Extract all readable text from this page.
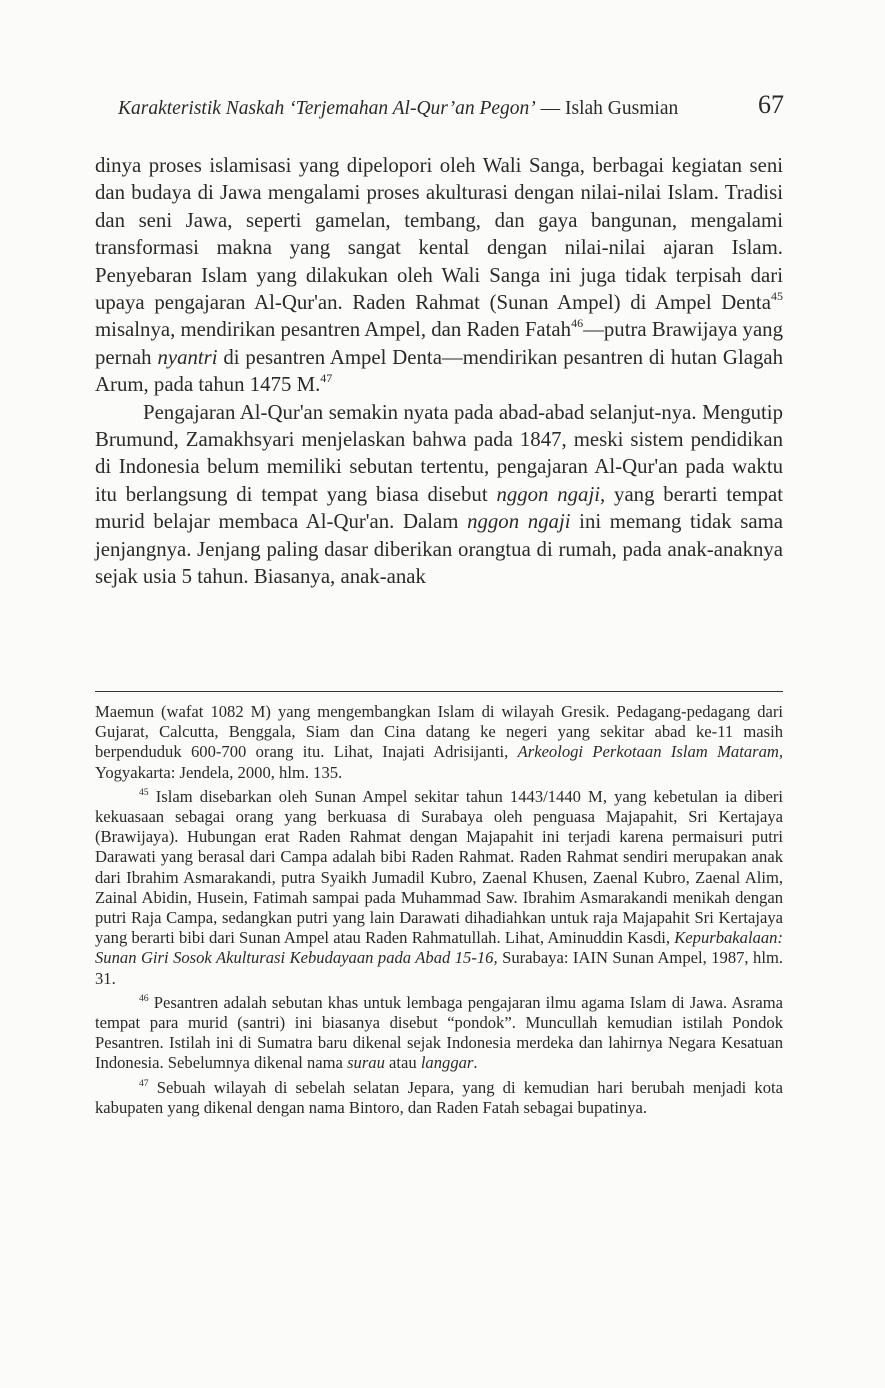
Karakteristik Naskah ‘Terjemahan Al-Qur’an Pegon’ — Islah Gusmian	67

dinya proses islamisasi yang dipelopori oleh Wali Sanga, berbagai kegiatan seni dan budaya di Jawa mengalami proses akulturasi dengan nilai-nilai Islam. Tradisi dan seni Jawa, seperti gamelan, tembang, dan gaya bangunan, mengalami transformasi makna yang sangat kental dengan nilai-nilai ajaran Islam. Penyebaran Islam yang dilakukan oleh Wali Sanga ini juga tidak terpisah dari upaya pengajaran Al-Qur'an. Raden Rahmat (Sunan Ampel) di Ampel Denta$^{45}$ misalnya, mendirikan pesantren Ampel, dan Raden Fatah$^{46}$—putra Brawijaya yang pernah nyantri di pesantren Ampel Denta—mendirikan pesantren di hutan Glagah Arum, pada tahun 1475 M.$^{47}$

Pengajaran Al-Qur'an semakin nyata pada abad-abad selanjut-nya. Mengutip Brumund, Zamakhsyari menjelaskan bahwa pada 1847, meski sistem pendidikan di Indonesia belum memiliki sebutan tertentu, pengajaran Al-Qur'an pada waktu itu berlangsung di tempat yang biasa disebut nggon ngaji, yang berarti tempat murid belajar membaca Al-Qur'an. Dalam nggon ngaji ini memang tidak sama jenjangnya. Jenjang paling dasar diberikan orangtua di rumah, pada anak-anaknya sejak usia 5 tahun. Biasanya, anak-anak

Maemun (wafat 1082 M) yang mengembangkan Islam di wilayah Gresik. Pedagang-pedagang dari Gujarat, Calcutta, Benggala, Siam dan Cina datang ke negeri yang sekitar abad ke-11 masih berpenduduk 600-700 orang itu. Lihat, Inajati Adrisijanti, Arkeologi Perkotaan Islam Mataram, Yogyakarta: Jendela, 2000, hlm. 135.

$^{45}$ Islam disebarkan oleh Sunan Ampel sekitar tahun 1443/1440 M, yang kebetulan ia diberi kekuasaan sebagai orang yang berkuasa di Surabaya oleh penguasa Majapahit, Sri Kertajaya (Brawijaya). Hubungan erat Raden Rahmat dengan Majapahit ini terjadi karena permaisuri putri Darawati yang berasal dari Campa adalah bibi Raden Rahmat. Raden Rahmat sendiri merupakan anak dari Ibrahim Asmarakandi, putra Syaikh Jumadil Kubro, Zaenal Khusen, Zaenal Kubro, Zaenal Alim, Zainal Abidin, Husein, Fatimah sampai pada Muhammad Saw. Ibrahim Asmarakandi menikah dengan putri Raja Campa, sedangkan putri yang lain Darawati dihadiahkan untuk raja Majapahit Sri Kertajaya yang berarti bibi dari Sunan Ampel atau Raden Rahmatullah. Lihat, Aminuddin Kasdi, Kepurbakalaan: Sunan Giri Sosok Akulturasi Kebudayaan pada Abad 15-16, Surabaya: IAIN Sunan Ampel, 1987, hlm. 31.

$^{46}$ Pesantren adalah sebutan khas untuk lembaga pengajaran ilmu agama Islam di Jawa. Asrama tempat para murid (santri) ini biasanya disebut “pondok”. Muncullah kemudian istilah Pondok Pesantren. Istilah ini di Sumatra baru dikenal sejak Indonesia merdeka dan lahirnya Negara Kesatuan Indonesia. Sebelumnya dikenal nama surau atau langgar.

$^{47}$ Sebuah wilayah di sebelah selatan Jepara, yang di kemudian hari berubah menjadi kota kabupaten yang dikenal dengan nama Bintoro, dan Raden Fatah sebagai bupatinya.
